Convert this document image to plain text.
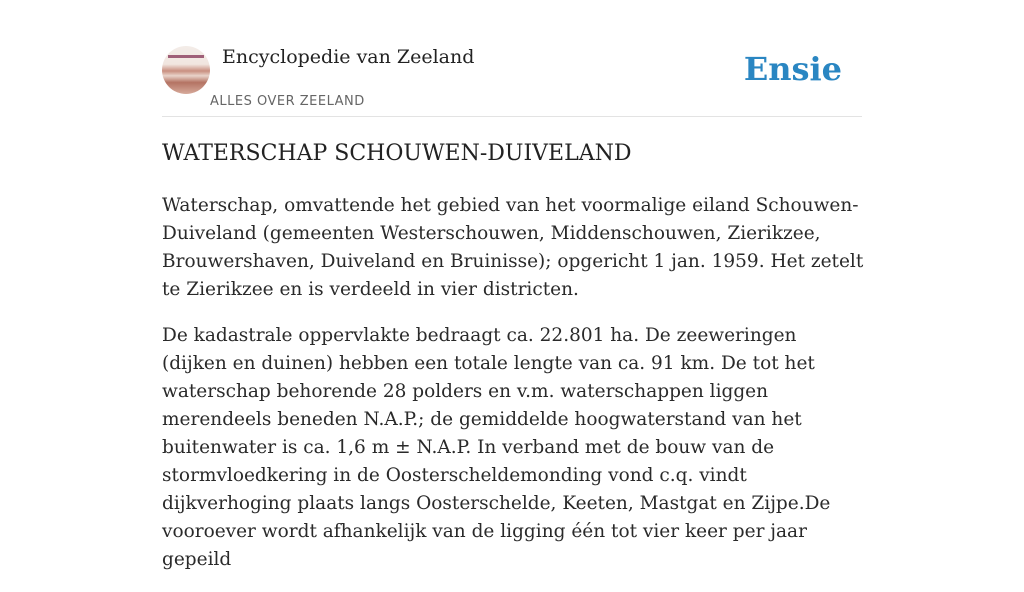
Encyclopedie van Zeeland
ALLES OVER ZEELAND
Ensie
WATERSCHAP SCHOUWEN-DUIVELAND

Waterschap, omvattende het gebied van het voormalige eiland Schouwen-Duiveland (gemeenten Westerschouwen, Middenschouwen, Zierikzee, Brouwershaven, Duiveland en Bruinisse); opgericht 1 jan. 1959. Het zetelt te Zierikzee en is verdeeld in vier districten.

De kadastrale oppervlakte bedraagt ca. 22.801 ha. De zeeweringen (dijken en duinen) hebben een totale lengte van ca. 91 km. De tot het waterschap behorende 28 polders en v.m. waterschappen liggen merendeels beneden N.A.P.; de gemiddelde hoogwaterstand van het buitenwater is ca. 1,6 m ± N.A.P. In verband met de bouw van de stormvloedkering in de Oosterscheldemonding vond c.q. vindt dijkverhoging plaats langs Oosterschelde, Keeten, Mastgat en Zijpe.De vooroever wordt afhankelijk van de ligging één tot vier keer per jaar gepeild
